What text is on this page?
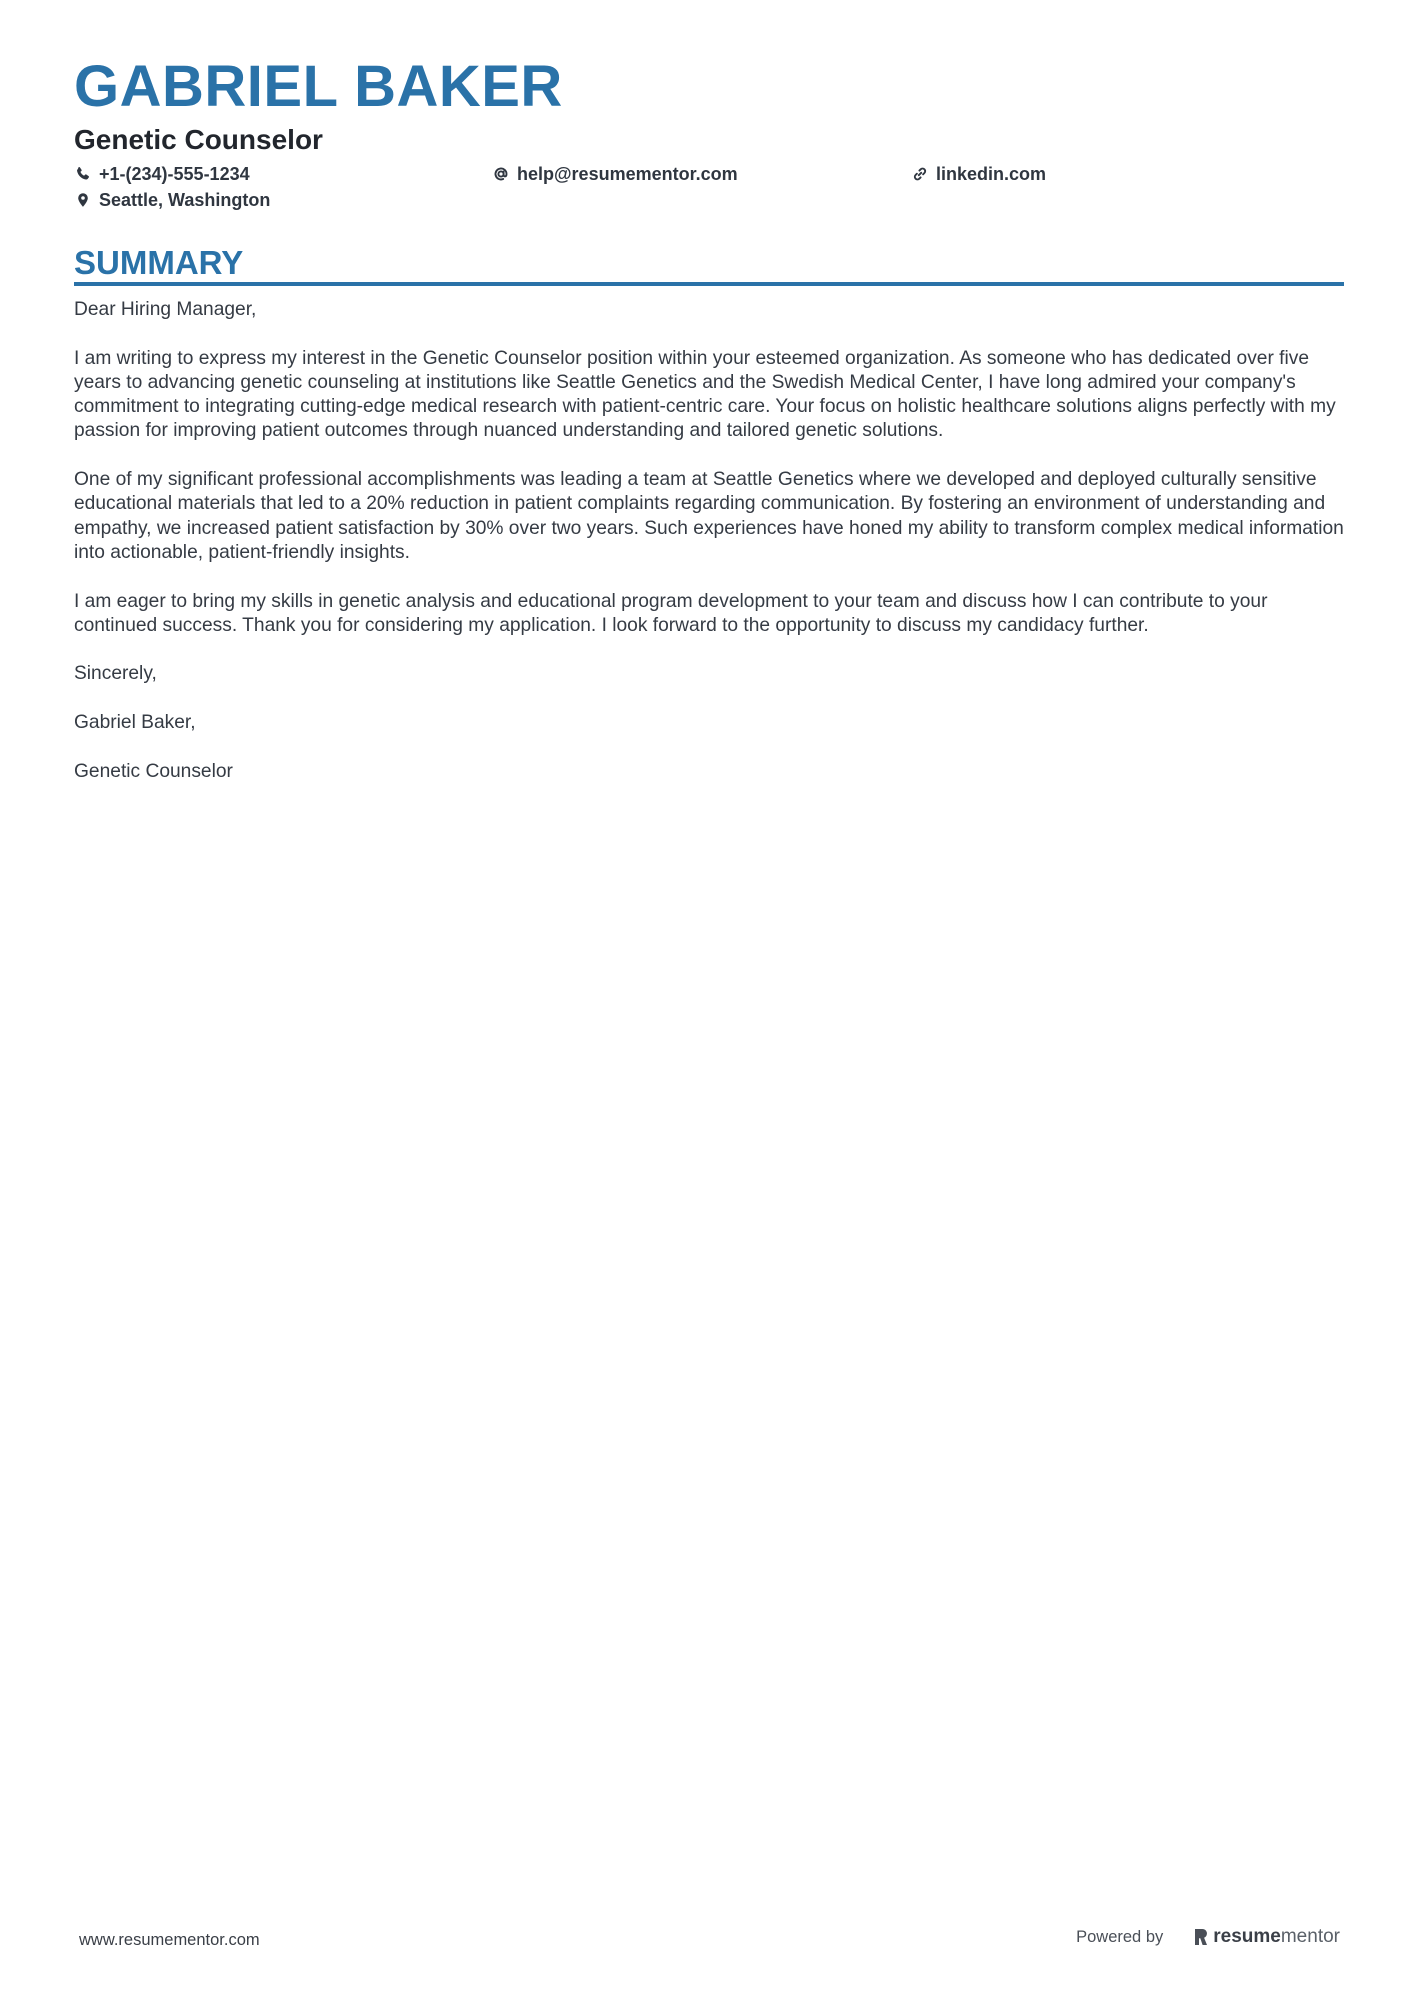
GABRIEL BAKER
Genetic Counselor
+1-(234)-555-1234	help@resumementor.com	linkedin.com
Seattle, Washington
SUMMARY

Dear Hiring Manager,

I am writing to express my interest in the Genetic Counselor position within your esteemed organization. As someone who has dedicated over five years to advancing genetic counseling at institutions like Seattle Genetics and the Swedish Medical Center, I have long admired your company's commitment to integrating cutting-edge medical research with patient-centric care. Your focus on holistic healthcare solutions aligns perfectly with my passion for improving patient outcomes through nuanced understanding and tailored genetic solutions.

One of my significant professional accomplishments was leading a team at Seattle Genetics where we developed and deployed culturally sensitive educational materials that led to a 20% reduction in patient complaints regarding communication. By fostering an environment of understanding and empathy, we increased patient satisfaction by 30% over two years. Such experiences have honed my ability to transform complex medical information into actionable, patient-friendly insights.

I am eager to bring my skills in genetic analysis and educational program development to your team and discuss how I can contribute to your continued success. Thank you for considering my application. I look forward to the opportunity to discuss my candidacy further.

Sincerely,

Gabriel Baker,

Genetic Counselor

www.resumementor.com	Powered by	resume mentor
